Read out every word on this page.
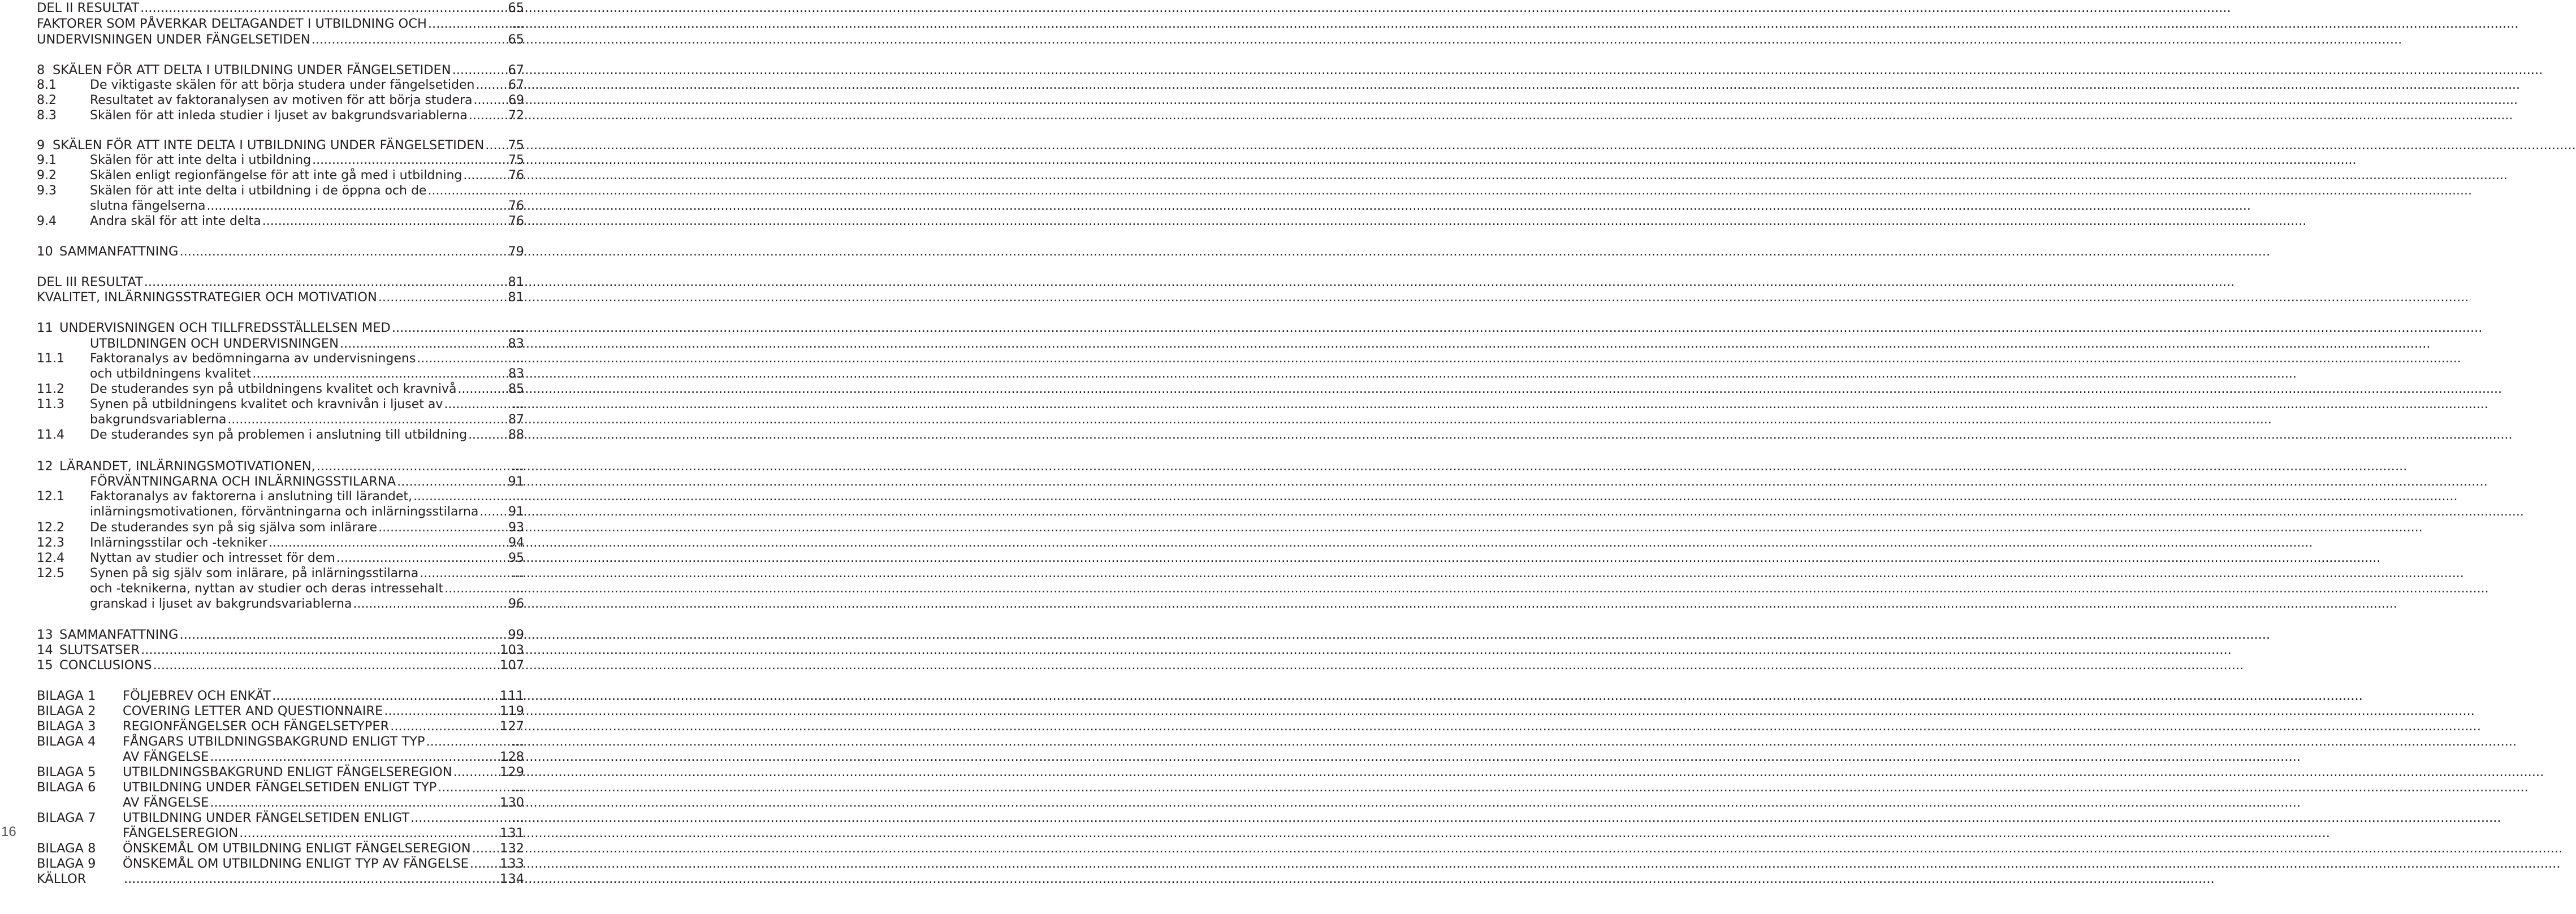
DEL II RESULTAT .....	65
FAKTORER SOM PÅVERKAR DELTAGANDET I UTBILDNING OCH .....	...
UNDERVISNINGEN UNDER FÄNGELSETIDEN .....	65
8 SKÄLEN FÖR ATT DELTA I UTBILDNING UNDER FÄNGELSETIDEN .....	67
8.1	De viktigaste skälen för att börja studera under fängelsetiden .....	67
8.2	Resultatet av faktoranalysen av motiven för att börja studera .....	69
8.3	Skälen för att inleda studier i ljuset av bakgrundsvariablerna .....	72
9 SKÄLEN FÖR ATT INTE DELTA I UTBILDNING UNDER FÄNGELSETIDEN ..... 75
9.1	Skälen för att inte delta i utbildning .....	75
9.2	Skälen enligt regionfängelse för att inte gå med i utbildning .....	76
9.3	Skälen för att inte delta i utbildning i de öppna och de
.....
slutna fängelserna .....	76
9.4	Andra skäl för att inte delta .....	76
10 SAMMANFATTNING .....	79
DEL III RESULTAT .....	81
KVALITET, INLÄRNINGSSTRATEGIER OCH MOTIVATION .....	81
11 UNDERVISNINGEN OCH TILLFREDSSTÄLLELSEN MED .....	...
UTBILDNINGEN OCH UNDERVISNINGEN .....	83
11.1	Faktoranalys av bedömningarna av undervisningens .....	...
och utbildningens kvalitet .....	83
11.2	De studerandes syn på utbildningens kvalitet och kravnivå .....	85
11.3	Synen på utbildningens kvalitet och kravnivån i ljuset av .....	...
bakgrundsvariablerna .....	87
11.4	De studerandes syn på problemen i anslutning till utbildning .....	88
12 LÄRANDET, INLÄRNINGSMOTIVATIONEN, .....	...
FÖRVÄNTNINGARNA OCH INLÄRNINGSSTILARNA .....	91
12.1	Faktoranalys av faktorerna i anslutning till lärandet, .....	...
inlärningsmotivationen, förväntningarna och inlärningsstilarna ..... 91
12.2	De studerandes syn på sig själva som inlärare .....	93
12.3	Inlärningsstilar och -tekniker .....	94
12.4	Nyttan av studier och intresset för dem .....	95
12.5	Synen på sig själv som inlärare, på inlärningsstilarna .....	...
och -teknikerna, nyttan av studier och deras intressehalt .....	...
granskad i ljuset av bakgrundsvariablerna .....	96
13 SAMMANFATTNING .....	99
14 SLUTSATSER .....	103
15 CONCLUSIONS .....	107
BILAGA 1	FÖLJEBREV OCH ENKÄT .....	111
BILAGA 2	COVERING LETTER AND QUESTIONNAIRE .....	119
BILAGA 3	REGIONFÄNGELSER OCH FÄNGELSETYPER .....	127
BILAGA 4	FÅNGARS UTBILDNINGSBAKGRUND ENLIGT TYP .....	...
AV FÄNGELSE .....	128
BILAGA 5	UTBILDNINGSBAKGRUND ENLIGT FÄNGELSEREGION .....	129
BILAGA 6	UTBILDNING UNDER FÄNGELSETIDEN ENLIGT TYP .....	...
AV FÄNGELSE .....	130
BILAGA 7	UTBILDNING UNDER FÄNGELSETIDEN ENLIGT .....	...
FÄNGELSEREGION .....	131
BILAGA 8	ÖNSKEMÅL OM UTBILDNING ENLIGT FÄNGELSEREGION ..... 132
BILAGA 9	ÖNSKEMÅL OM UTBILDNING ENLIGT TYP AV FÄNGELSE ..... 133
KÄLLOR .....	134
16
